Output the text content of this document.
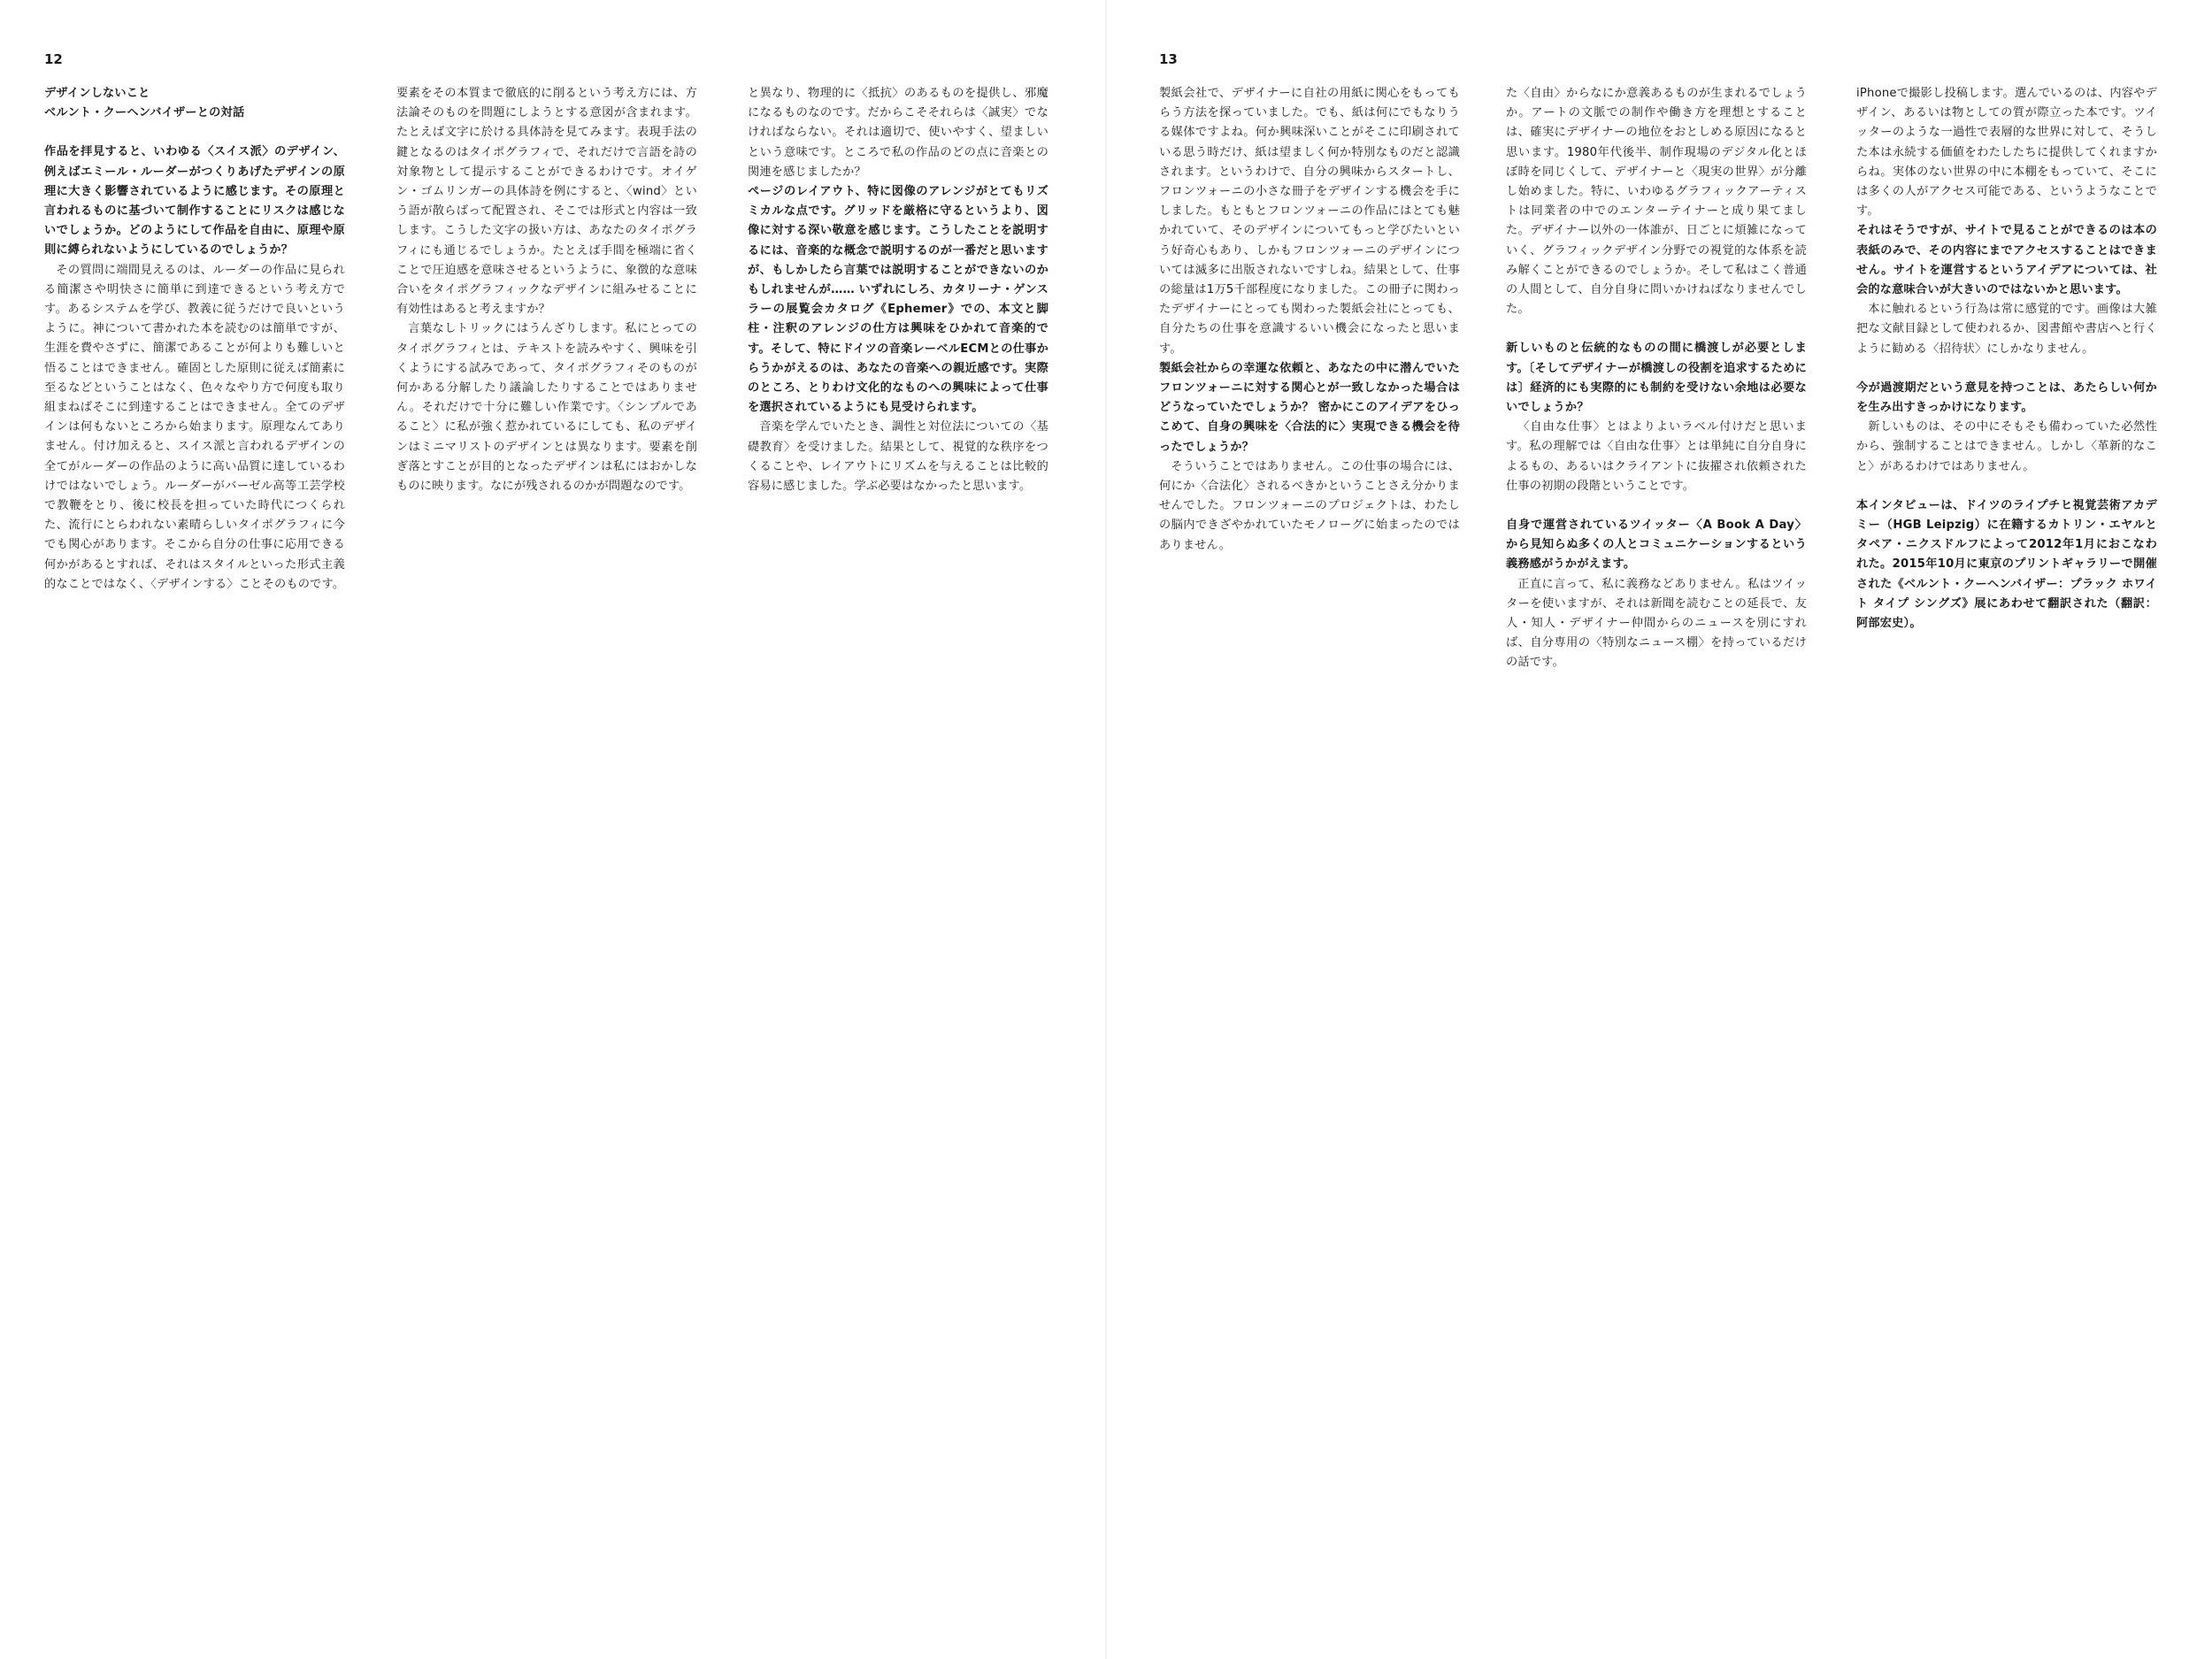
12
デザインしないこと
ベルント・クーヘンバイザーとの対話

作品を拝見すると、いわゆる〈スイス派〉のデザイン、例えばエミール・ルーダーがつくりあげたデザインの原理に大きく影響されているように感じます。その原理と言われるものに基づいて制作することにリスクは感じないでしょうか。どのようにして作品を自由に、原理や原則に縛られないようにしているのでしょうか？

その質問に端間見えるのは、ルーダーの作品に見られる簡潔さや明快さに簡単に到達できるという考え方です。あるシステムを学び、教義に従うだけで良いというように。神について書かれた本を読むのは簡単ですが、生涯を費やさずに、簡潔であることが何よりも難しいと悟ることはできません。確固とした原則に従えば簡素に至るなどということはなく、色々なやり方で何度も取り組まねばそこに到達することはできません。全てのデザインは何もないところから始まります。原理なんてありません。付け加えると、スイス派と言われるデザインの全てがルーダーの作品のように高い品質に達しているわけではないでしょう。ルーダーがバーゼル高等工芸学校で教鞭をとり、後に校長を担っていた時代につくられた、流行にとらわれない素晴らしいタイポグラフィに今でも関心があります。そこから自分の仕事に応用できる何かがあるとすれば、それはスタイルといった形式主義的なことではなく、〈デザインする〉ことそのものです。

要素をその本質まで徹底的に削るという考え方には、方法論そのものを問題にしようとする意図が含まれます。たとえば文字に於ける具体詩を見てみます。表現手法の鍵となるのはタイポグラフィで、それだけで言語を詩の対象物として提示することができるわけです。オイゲン・ゴムリンガーの具体詩を例にすると、〈wind〉という語が散らばって配置され、そこでは形式と内容は一致します。こうした文字の扱い方は、あなたのタイポグラフィにも通じるでしょうか。たとえば手間を極端に省くことで圧迫感を意味させるというように、象徴的な意味合いをタイポグラフィックなデザインに組みせることに有効性はあると考えますか？

言葉なしトリックにはうんざりします。私にとってのタイポグラフィとは、テキストを読みやすく、興味を引くようにする試みであって、タイポグラフィそのものが何かある分解したり議論したりすることではありません。それだけで十分に難しい作業です。〈シンプルであること〉に私が強く惹かれているにしても、私のデザインはミニマリストのデザインとは異なります。要素を削ぎ落とすことが目的となったデザインは私にはおかしなものに映ります。なにが残されるのかが問題なのです。

と異なり、物理的に〈抵抗〉のあるものを提供し、邪魔になるものなのです。だからこそそれらは〈誠実〉でなければならない。それは適切で、使いやすく、望ましいという意味です。ところで私の作品のどの点に音楽との関連を感じましたか？

ページのレイアウト、特に図像のアレンジがとてもリズミカルな点です。グリッドを厳格に守るというより、図像に対する深い敬意を感じます。こうしたことを説明するには、音楽的な概念で説明するのが一番だと思いますが、もしかしたら言葉では説明することができないのかもしれませんが…… いずれにしろ、カタリーナ・ゲンスラーの展覧会カタログ《Ephemer》での、本文と脚柱・注釈のアレンジの仕方は興味をひかれて音楽的です。そして、特にドイツの音楽レーベルECMとの仕事からうかがえるのは、あなたの音楽への親近感です。実際のところ、とりわけ文化的なものへの興味によって仕事を選択されているようにも見受けられます。

音楽を学んでいたとき、調性と対位法についての〈基礎教育〉を受けました。結果として、視覚的な秩序をつくることや、レイアウトにリズムを与えることは比較的容易に感じました。学ぶ必要はなかったと思います。

13

製紙会社で、デザイナーに自社の用紙に関心をもってもらう方法を探っていました。でも、紙は何にでもなりうる媒体ですよね。何か興味深いことがそこに印刷されている思う時だけ、紙は望ましく何か特別なものだと認識されます。というわけで、自分の興味からスタートし、フロンツォーニの小さな冊子をデザインする機会を手にしました。もともとフロンツォーニの作品にはとても魅かれていて、そのデザインについてもっと学びたいという好奇心もあり、しかもフロンツォーニのデザインについては滅多に出版されないですしね。結果として、仕事の総量は1万5千部程度になりました。この冊子に関わったデザイナーにとっても関わった製紙会社にとっても、自分たちの仕事を意識するいい機会になったと思います。

製紙会社からの幸運な依頼と、あなたの中に潜んでいたフロンツォーニに対する関心とが一致しなかった場合はどうなっていたでしょうか？ 密かにこのアイデアをひっこめて、自身の興味を〈合法的に〉実現できる機会を待ったでしょうか？

そういうことではありません。この仕事の場合には、何にか〈合法化〉されるべきかということさえ分かりませんでした。フロンツォーニのプロジェクトは、わたしの脳内できざやかれていたモノローグに始まったのではありません。

た〈自由〉からなにか意義あるものが生まれるでしょうか。アートの文脈での制作や働き方を理想とすることは、確実にデザイナーの地位をおとしめる原因になると思います。1980年代後半、制作現場のデジタル化とほぼ時を同じくして、デザイナーと〈現実の世界〉が分離し始めました。特に、いわゆるグラフィックアーティストは同業者の中でのエンターテイナーと成り果てました。デザイナー以外の一体誰が、日ごとに煩雑になっていく、グラフィックデザイン分野での視覚的な体系を読み解くことができるのでしょうか。そして私はこく普通の人間として、自分自身に問いかけねばなりませんでした。

新しいものと伝統的なものの間に橋渡しが必要とします。〔そしてデザイナーが橋渡しの役割を追求するためには〕経済的にも実際的にも制約を受けない余地は必要ないでしょうか？

〈自由な仕事〉とはよりよいラベル付けだと思います。私の理解では〈自由な仕事〉とは単純に自分自身によるもの、あるいはクライアントに抜擢され依頼された仕事の初期の段階ということです。

自身で運営されているツイッター〈A Book A Day〉から見知らぬ多くの人とコミュニケーションするという義務感がうかがえます。

正直に言って、私に義務などありません。私はツイッターを使いますが、それは新聞を読むことの延長で、友人・知人・デザイナー仲間からのニュースを別にすれば、自分専用の〈特別なニュース棚〉を持っているだけの話です。

iPhoneで撮影し投稿します。選んでいるのは、内容やデザイン、あるいは物としての質が際立った本です。ツイッターのような一過性で表層的な世界に対して、そうした本は永続する価値をわたしたちに提供してくれますからね。実体のない世界の中に本棚をもっていて、そこには多くの人がアクセス可能である、というようなことです。

それはそうですが、サイトで見ることができるのは本の表紙のみで、その内容にまでアクセスすることはできません。サイトを運営するというアイデアについては、社会的な意味合いが大きいのではないかと思います。

本に触れるという行為は常に感覚的です。画像は大雑把な文献目録として使われるか、図書館や書店へと行くように勧める〈招待状〉にしかなりません。

今が過渡期だという意見を持つことは、あたらしい何かを生み出すきっかけになります。

新しいものは、その中にそもそも備わっていた必然性から、強制することはできません。しかし〈革新的なこと〉があるわけではありません。

本インタビューは、ドイツのライプチヒ視覚芸術アカデミー（HGB Leipzig）に在籍するカトリン・エヤルとタペア・ニクスドルフによって2012年1月におこなわれた。2015年10月に東京のプリントギャラリーで開催された《ベルント・クーヘンバイザー：プラック ホワイト タイプ シングズ》展にあわせて翻訳された（翻訳：阿部宏史）。
